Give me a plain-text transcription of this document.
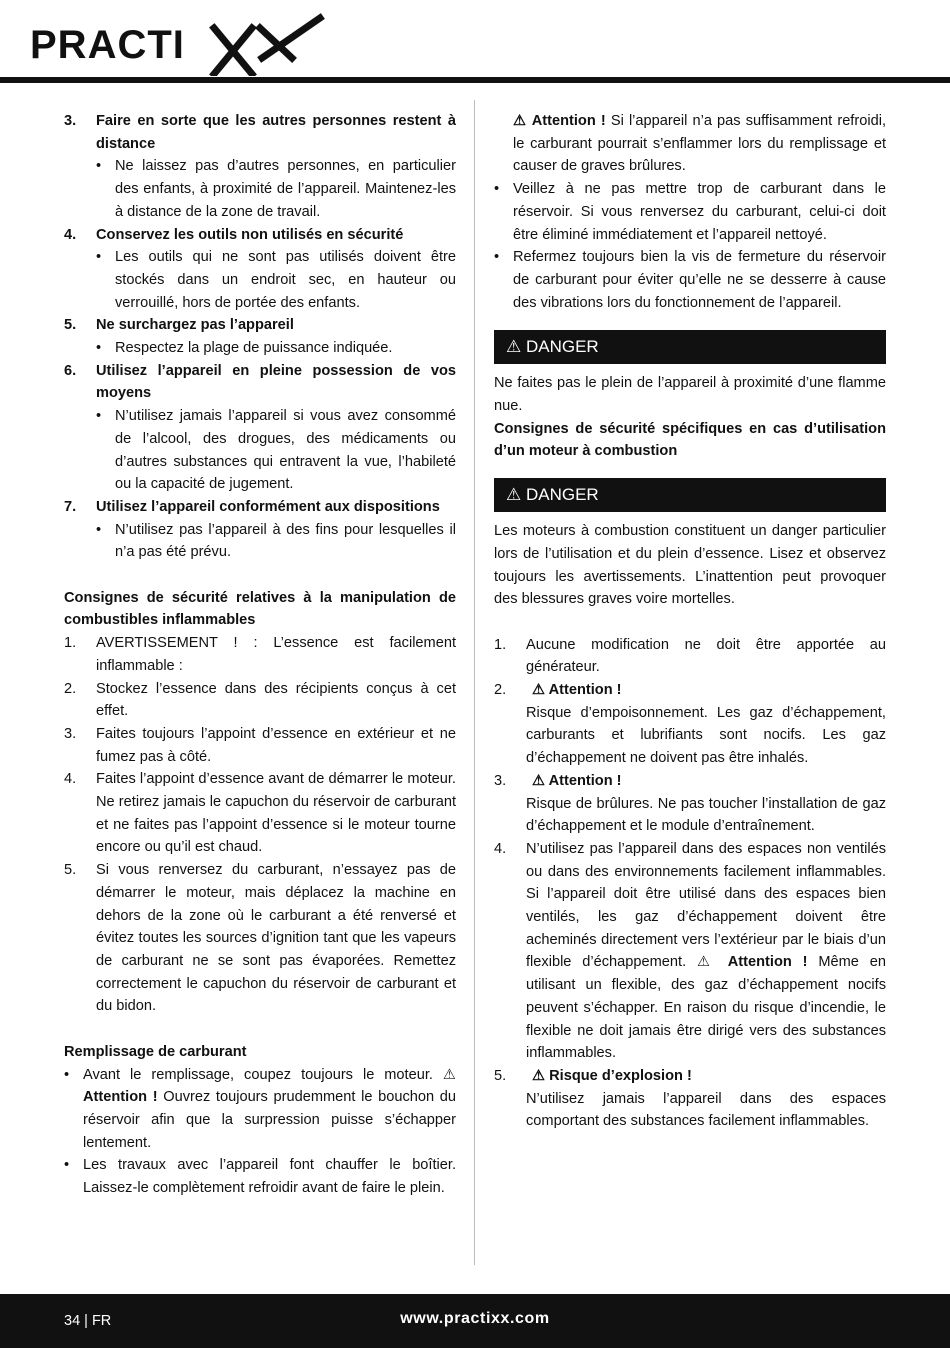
PRACTI
3. Faire en sorte que les autres personnes restent à distance
• Ne laissez pas d’autres personnes, en particulier des enfants, à proximité de l’appareil. Maintenez-les à distance de la zone de travail.
4. Conservez les outils non utilisés en sécurité
• Les outils qui ne sont pas utilisés doivent être stockés dans un endroit sec, en hauteur ou verrouillé, hors de portée des enfants.
5. Ne surchargez pas l’appareil
• Respectez la plage de puissance indiquée.
6. Utilisez l’appareil en pleine possession de vos moyens
• N’utilisez jamais l’appareil si vous avez consommé de l’alcool, des drogues, des médicaments ou d’autres substances qui entravent la vue, l’habileté ou la capacité de jugement.
7. Utilisez l’appareil conformément aux dispositions
• N’utilisez pas l’appareil à des fins pour lesquelles il n’a pas été prévu.

Consignes de sécurité relatives à la manipulation de combustibles inflammables

1. AVERTISSEMENT ! : L’essence est facilement inflammable :
2. Stockez l’essence dans des récipients conçus à cet effet.
3. Faites toujours l’appoint d’essence en extérieur et ne fumez pas à côté.
4. Faites l’appoint d’essence avant de démarrer le moteur. Ne retirez jamais le capuchon du réservoir de carburant et ne faites pas l’appoint d’essence si le moteur tourne encore ou qu’il est chaud.
5. Si vous renversez du carburant, n’essayez pas de démarrer le moteur, mais déplacez la machine en dehors de la zone où le carburant a été renversé et évitez toutes les sources d’ignition tant que les vapeurs de carburant ne se sont pas évaporées. Remettez correctement le capuchon du réservoir de carburant et du bidon.

Remplissage de carburant

• Avant le remplissage, coupez toujours le moteur. ⚠ Attention ! Ouvrez toujours prudemment le bouchon du réservoir afin que la surpression puisse s’échapper lentement.
• Les travaux avec l’appareil font chauffer le boîtier. Laissez-le complètement refroidir avant de faire le plein.
⚠ Attention ! Si l’appareil n’a pas suffisamment refroidi, le carburant pourrait s’enflammer lors du remplissage et causer de graves brûlures.
• Veillez à ne pas mettre trop de carburant dans le réservoir. Si vous renversez du carburant, celui-ci doit être éliminé immédiatement et l’appareil nettoyé.
• Refermez toujours bien la vis de fermeture du réservoir de carburant pour éviter qu’elle ne se desserre à cause des vibrations lors du fonctionnement de l’appareil.
⚠ DANGER

Ne faites pas le plein de l’appareil à proximité d’une flamme nue.

Consignes de sécurité spécifiques en cas d’utilisation d’un moteur à combustion

⚠ DANGER

Les moteurs à combustion constituent un danger particulier lors de l’utilisation et du plein d’essence. Lisez et observez toujours les avertissements. L’inattention peut provoquer des blessures graves voire mortelles.

1. Aucune modification ne doit être apportée au générateur.
2. ⚠ Attention !
Risque d’empoisonnement. Les gaz d’échappement, carburants et lubrifiants sont nocifs. Les gaz d’échappement ne doivent pas être inhalés.
3. ⚠ Attention !
Risque de brûlures. Ne pas toucher l’installation de gaz d’échappement et le module d’entraînement.
4. N’utilisez pas l’appareil dans des espaces non ventilés ou dans des environnements facilement inflammables. Si l’appareil doit être utilisé dans des espaces bien ventilés, les gaz d’échappement doivent être acheminés directement vers l’extérieur par le biais d’un flexible d’échappement. ⚠ Attention ! Même en utilisant un flexible, des gaz d’échappement nocifs peuvent s’échapper. En raison du risque d’incendie, le flexible ne doit jamais être dirigé vers des substances inflammables.
5. ⚠ Risque d’explosion !
N’utilisez jamais l’appareil dans des espaces comportant des substances facilement inflammables.
34 | FR	www.practixx.com
